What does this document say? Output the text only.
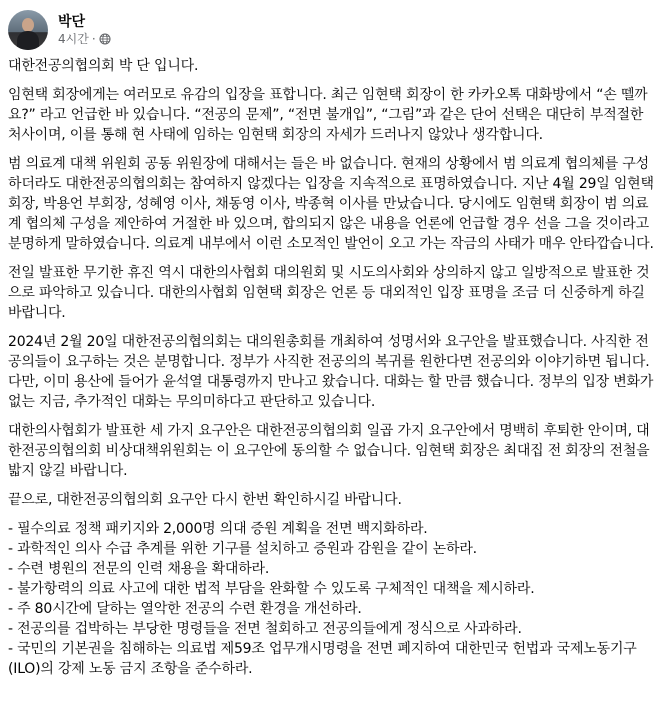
박단
4시간 ·

대한전공의협의회 박 단 입니다.

임현택 회장에게는 여러모로 유감의 입장을 표합니다. 최근 임현택 회장이 한 카카오톡 대화방에서 “손 뗄까요?” 라고 언급한 바 있습니다. “전공의 문제”, “전면 불개입”, “그림”과 같은 단어 선택은 대단히 부적절한 처사이며, 이를 통해 현 사태에 임하는 임현택 회장의 자세가 드러나지 않았나 생각합니다.

범 의료계 대책 위원회 공동 위원장에 대해서는 들은 바 없습니다. 현재의 상황에서 범 의료계 협의체를 구성하더라도 대한전공의협의회는 참여하지 않겠다는 입장을 지속적으로 표명하였습니다. 지난 4월 29일 임현택 회장, 박용언 부회장, 성혜영 이사, 채동영 이사, 박종혁 이사를 만났습니다. 당시에도 임현택 회장이 범 의료계 협의체 구성을 제안하여 거절한 바 있으며, 합의되지 않은 내용을 언론에 언급할 경우 선을 그을 것이라고 분명하게 말하였습니다. 의료계 내부에서 이런 소모적인 발언이 오고 가는 작금의 사태가 매우 안타깝습니다.

전일 발표한 무기한 휴진 역시 대한의사협회 대의원회 및 시도의사회와 상의하지 않고 일방적으로 발표한 것으로 파악하고 있습니다. 대한의사협회 임현택 회장은 언론 등 대외적인 입장 표명을 조금 더 신중하게 하길 바랍니다.

2024년 2월 20일 대한전공의협의회는 대의원총회를 개최하여 성명서와 요구안을 발표했습니다. 사직한 전공의들이 요구하는 것은 분명합니다. 정부가 사직한 전공의의 복귀를 원한다면 전공의와 이야기하면 됩니다. 다만, 이미 용산에 들어가 윤석열 대통령까지 만나고 왔습니다. 대화는 할 만큼 했습니다. 정부의 입장 변화가 없는 지금, 추가적인 대화는 무의미하다고 판단하고 있습니다.

대한의사협회가 발표한 세 가지 요구안은 대한전공의협의회 일곱 가지 요구안에서 명백히 후퇴한 안이며, 대한전공의협의회 비상대책위원회는 이 요구안에 동의할 수 없습니다. 임현택 회장은 최대집 전 회장의 전철을 밟지 않길 바랍니다.

끝으로, 대한전공의협의회 요구안 다시 한번 확인하시길 바랍니다.

- 필수의료 정책 패키지와 2,000명 의대 증원 계획을 전면 백지화하라.
- 과학적인 의사 수급 추계를 위한 기구를 설치하고 증원과 감원을 같이 논하라.
- 수련 병원의 전문의 인력 채용을 확대하라.
- 불가항력의 의료 사고에 대한 법적 부담을 완화할 수 있도록 구체적인 대책을 제시하라.
- 주 80시간에 달하는 열악한 전공의 수련 환경을 개선하라.
- 전공의를 겁박하는 부당한 명령들을 전면 철회하고 전공의들에게 정식으로 사과하라.
- 국민의 기본권을 침해하는 의료법 제59조 업무개시명령을 전면 폐지하여 대한민국 헌법과 국제노동기구(ILO)의 강제 노동 금지 조항을 준수하라.
